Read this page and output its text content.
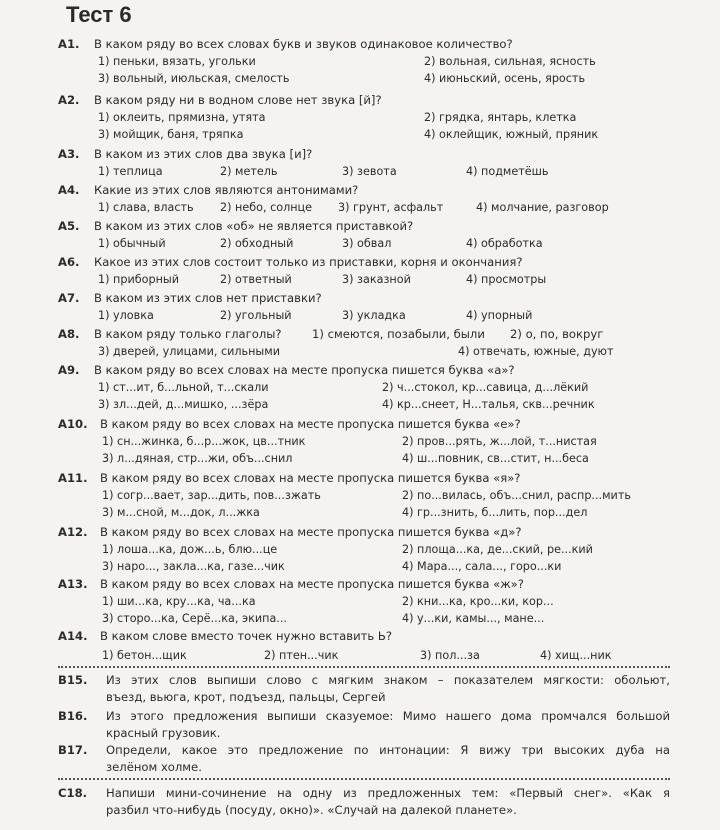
Тест 6
А1. В каком ряду во всех словах букв и звуков одинаковое количество?
1) пеньки, вязать, угольки	2) вольная, сильная, ясность
3) вольный, июльская, смелость	4) июньский, осень, ярость
А2. В каком ряду ни в водном слове нет звука [й]?
1) оклеить, прямизна, утята	2) грядка, янтарь, клетка
3) мойщик, баня, тряпка	4) оклейщик, южный, пряник
А3. В каком из этих слов два звука [и]?
1) теплица	2) метель	3) зевота	4) подметёшь
А4. Какие из этих слов являются антонимами?
1) слава, власть 2) небо, солнце 3) грунт, асфальт	4) молчание, разговор
А5. В каком из этих слов «об» не является приставкой?
1) обычный	2) обходный	3) обвал	4) обработка
А6. Какое из этих слов состоит только из приставки, корня и окончания?
1) приборный	2) ответный	3) заказной	4) просмотры
А7. В каком из этих слов нет приставки?
1) уловка	2) угольный	3) укладка	4) упорный
А8. В каком ряду только глаголы?	1) смеются, позабыли, были 2) о, по, вокруг
3) дверей, улицами, сильными	4) отвечать, южные, дуют
А9. В каком ряду во всех словах на месте пропуска пишется буква «а»?
1) ст...ит, б...льной, т...скали	2) ч...стокол, кр...савица, д...лёкий
3) зл...дей, д...мишко, ...зёра	4) кр...снеет, Н...талья, скв...речник
А10. В каком ряду во всех словах на месте пропуска пишется буква «е»?
1) сн...жинка, б...р...жок, цв...тник	2) пров...рять, ж...лой, т...нистая
3) л...дяная, стр...жи, объ...снил	4) ш...повник, св...стит, н...беса
А11. В каком ряду во всех словах на месте пропуска пишется буква «я»?
1) согр...вает, зар...дить, пов...зжать	2) по...вилась, объ...снил, распр...мить
3) м...сной, м...док, л...жка	4) гр...знить, б...лить, пор...дел
А12. В каком ряду во всех словах на месте пропуска пишется буква «д»?
1) лоша...ка, дож...ь, блю...це	2) площа...ка, де...ский, ре...кий
3) наро..., закла...ка, газе...чик	4) Мара..., сала..., горо...ки
А13. В каком ряду во всех словах на месте пропуска пишется буква «ж»?
1) ши...ка, кру...ка, ча...ка	2) кни...ка, кро...ки, кор...
3) сторо...ка, Серё...ка, экипа...	4) у...ки, камы..., мане...
А14. В каком слове вместо точек нужно вставить Ь?
1) бетон...щик	2) птен...чик	3) пол...за	4) хищ...ник
B15. Из этих слов выпиши слово с мягким знаком – показателем мягкости: обольют,
въезд, вьюга, крот, подъезд, пальцы, Сергей
B16. Из этого предложения выпиши сказуемое: Мимо нашего дома промчался большой
красный грузовик.
B17. Определи, какое это предложение по интонации: Я вижу три высоких дуба на
зелёном холме.
C18. Напиши мини-сочинение на одну из предложенных тем: «Первый снег». «Как я
разбил что-нибудь (посуду, окно)». «Случай на далекой планете».
